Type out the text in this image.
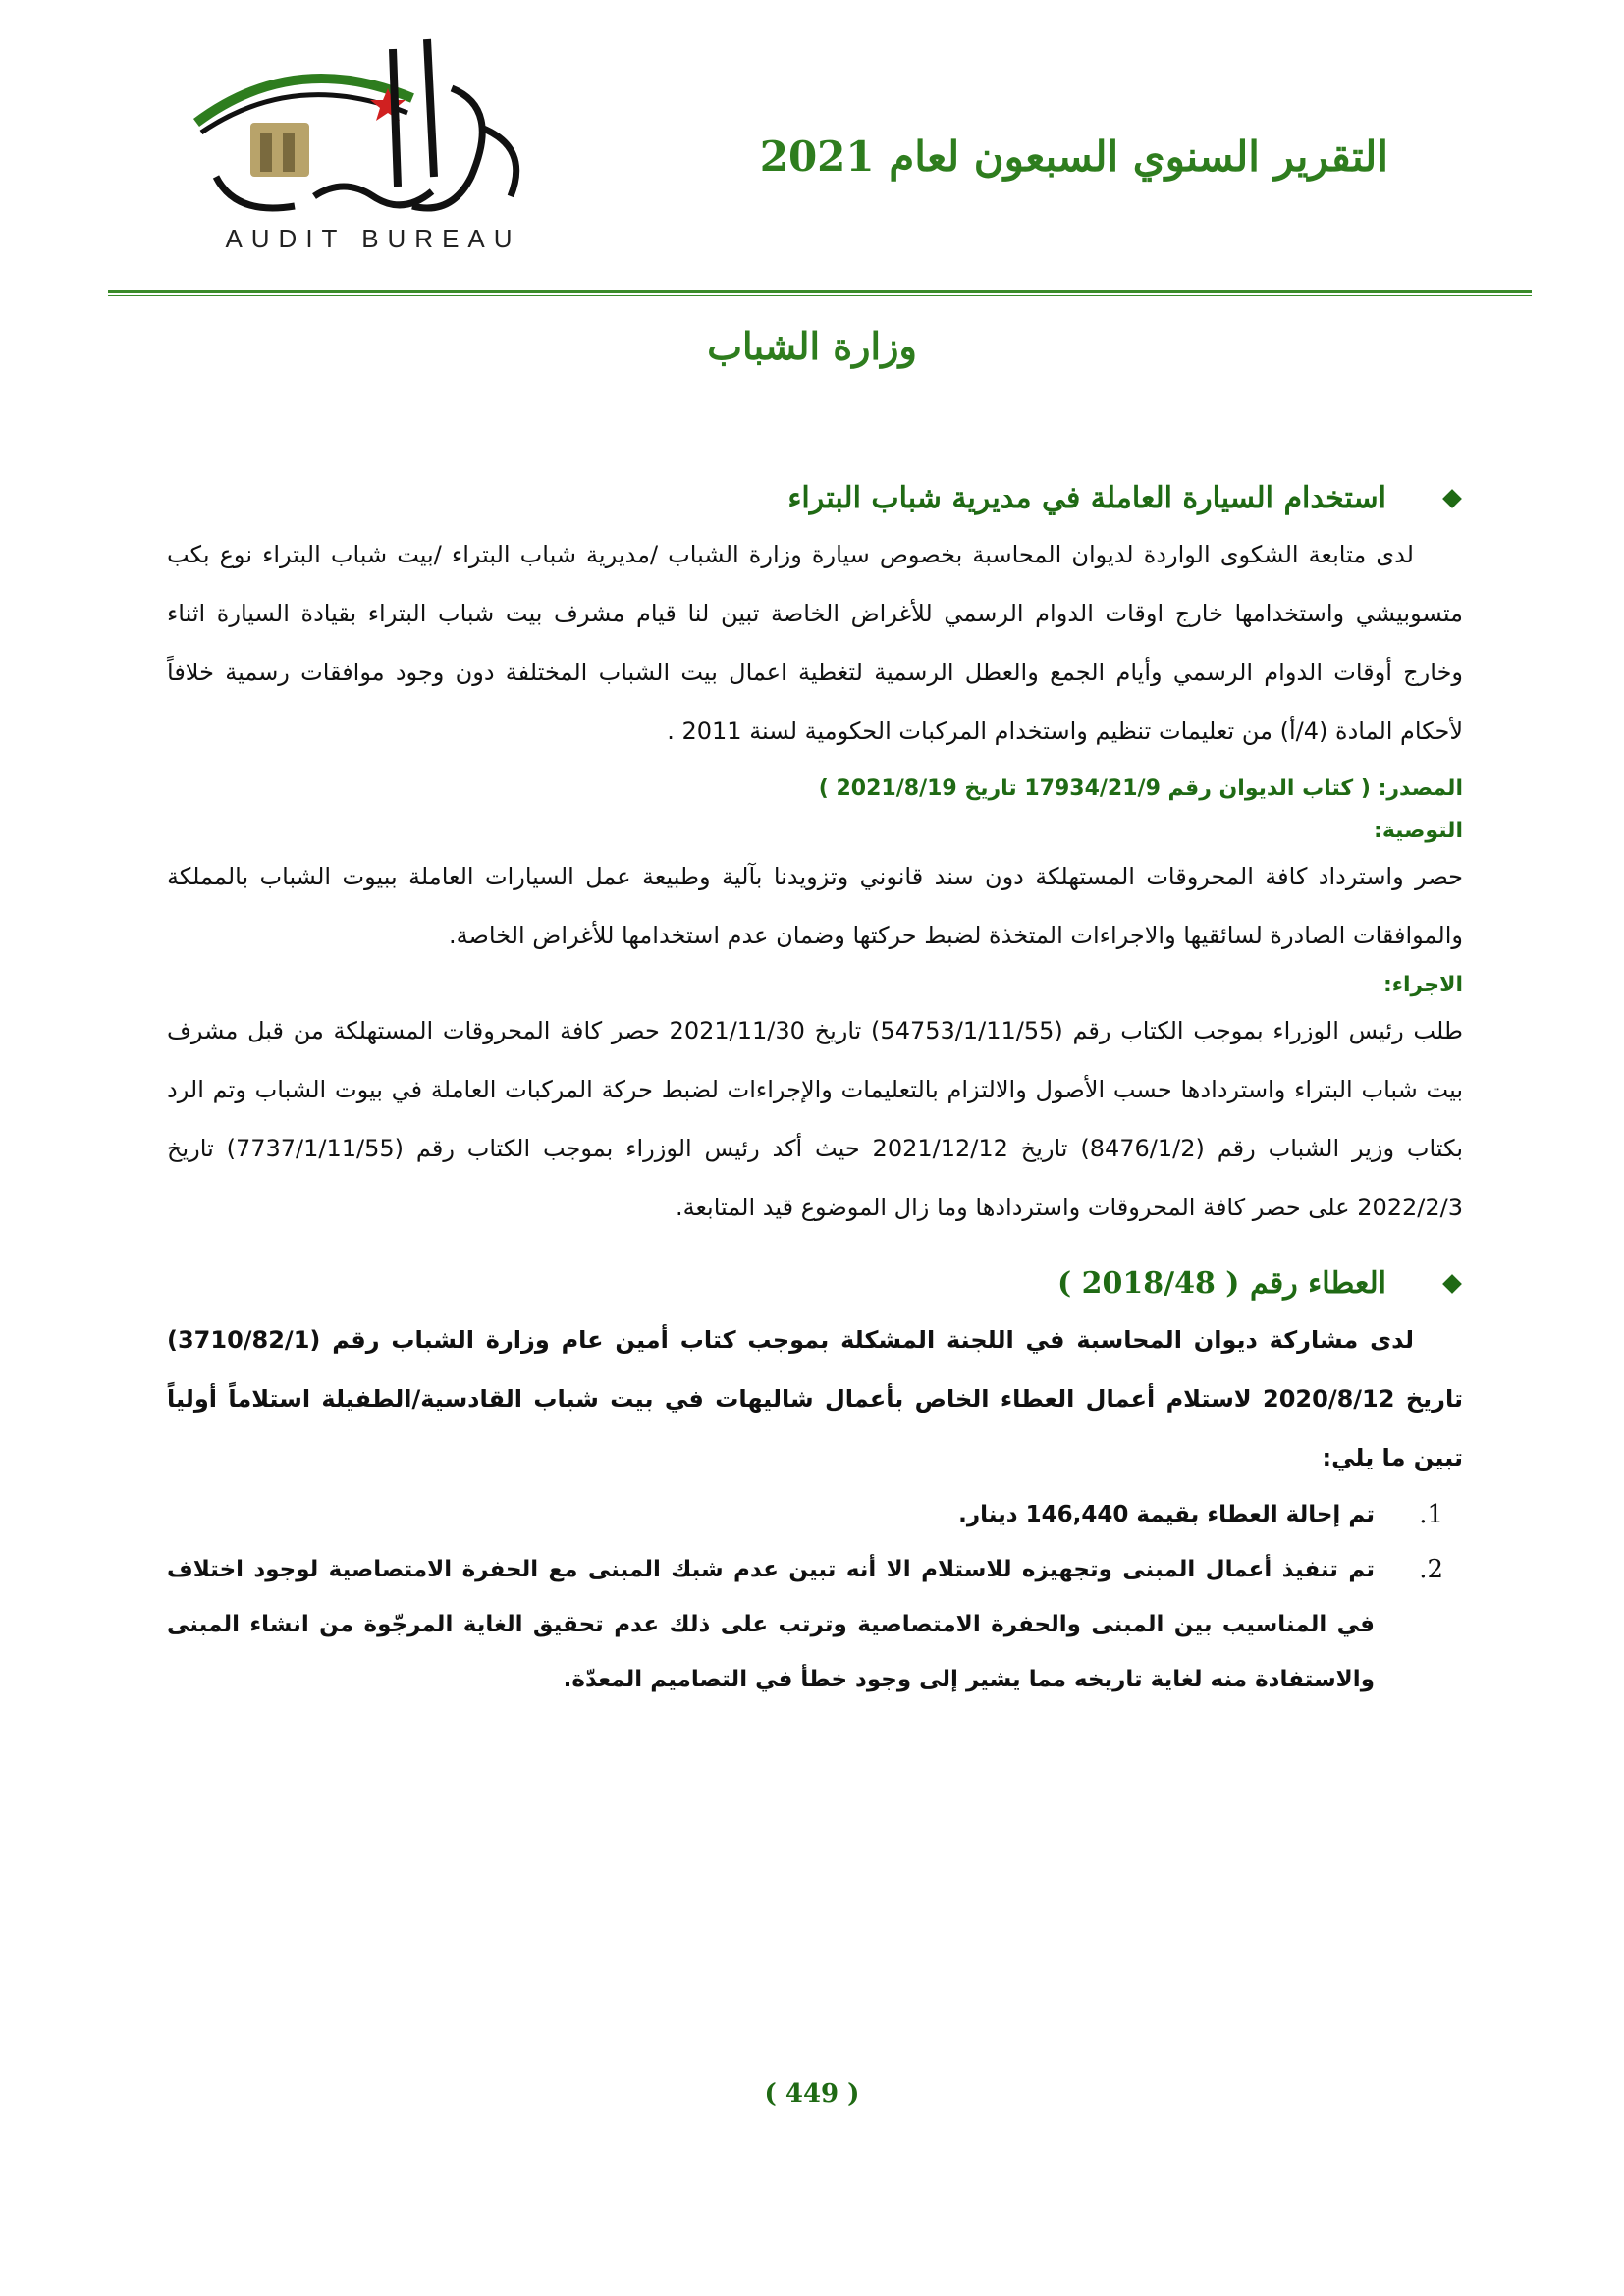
ديوان المحاسبة
AUDIT BUREAU
التقرير السنوي السبعون لعام 2021
وزارة الشباب
استخدام السيارة العاملة في مديرية شباب البتراء

لدى متابعة الشكوى الواردة لديوان المحاسبة بخصوص سيارة وزارة الشباب /مديرية شباب البتراء /بيت شباب البتراء نوع بكب متسوبيشي واستخدامها خارج اوقات الدوام الرسمي للأغراض الخاصة تبين لنا قيام مشرف بيت شباب البتراء بقيادة السيارة اثناء وخارج أوقات الدوام الرسمي وأيام الجمع والعطل الرسمية لتغطية اعمال بيت الشباب المختلفة دون وجود موافقات رسمية خلافاً لأحكام المادة (4/أ) من تعليمات تنظيم واستخدام المركبات الحكومية لسنة 2011 .

المصدر: ( كتاب الديوان رقم 17934/21/9 تاريخ 2021/8/19 )
التوصية:

حصر واسترداد كافة المحروقات المستهلكة دون سند قانوني وتزويدنا بآلية وطبيعة عمل السيارات العاملة ببيوت الشباب بالمملكة والموافقات الصادرة لسائقيها والاجراءات المتخذة لضبط حركتها وضمان عدم استخدامها للأغراض الخاصة.

الاجراء:

طلب رئيس الوزراء بموجب الكتاب رقم (54753/1/11/55) تاريخ 2021/11/30 حصر كافة المحروقات المستهلكة من قبل مشرف بيت شباب البتراء واستردادها حسب الأصول والالتزام بالتعليمات والإجراءات لضبط حركة المركبات العاملة في بيوت الشباب وتم الرد بكتاب وزير الشباب رقم (8476/1/2) تاريخ 2021/12/12 حيث أكد رئيس الوزراء بموجب الكتاب رقم (7737/1/11/55) تاريخ 2022/2/3 على حصر كافة المحروقات واستردادها وما زال الموضوع قيد المتابعة.

العطاء رقم ( 2018/48 )

لدى مشاركة ديوان المحاسبة في اللجنة المشكلة بموجب كتاب أمين عام وزارة الشباب رقم (3710/82/1) تاريخ 2020/8/12 لاستلام أعمال العطاء الخاص بأعمال شاليهات في بيت شباب القادسية/الطفيلة استلاماً أولياً تبين ما يلي:

1.
تم إحالة العطاء بقيمة 146,440 دينار.
2.
تم تنفيذ أعمال المبنى وتجهيزه للاستلام الا أنه تبين عدم شبك المبنى مع الحفرة الامتصاصية لوجود اختلاف في المناسيب بين المبنى والحفرة الامتصاصية وترتب على ذلك عدم تحقيق الغاية المرجّوة من انشاء المبنى والاستفادة منه لغاية تاريخه مما يشير إلى وجود خطأ في التصاميم المعدّة.
( 449 )
